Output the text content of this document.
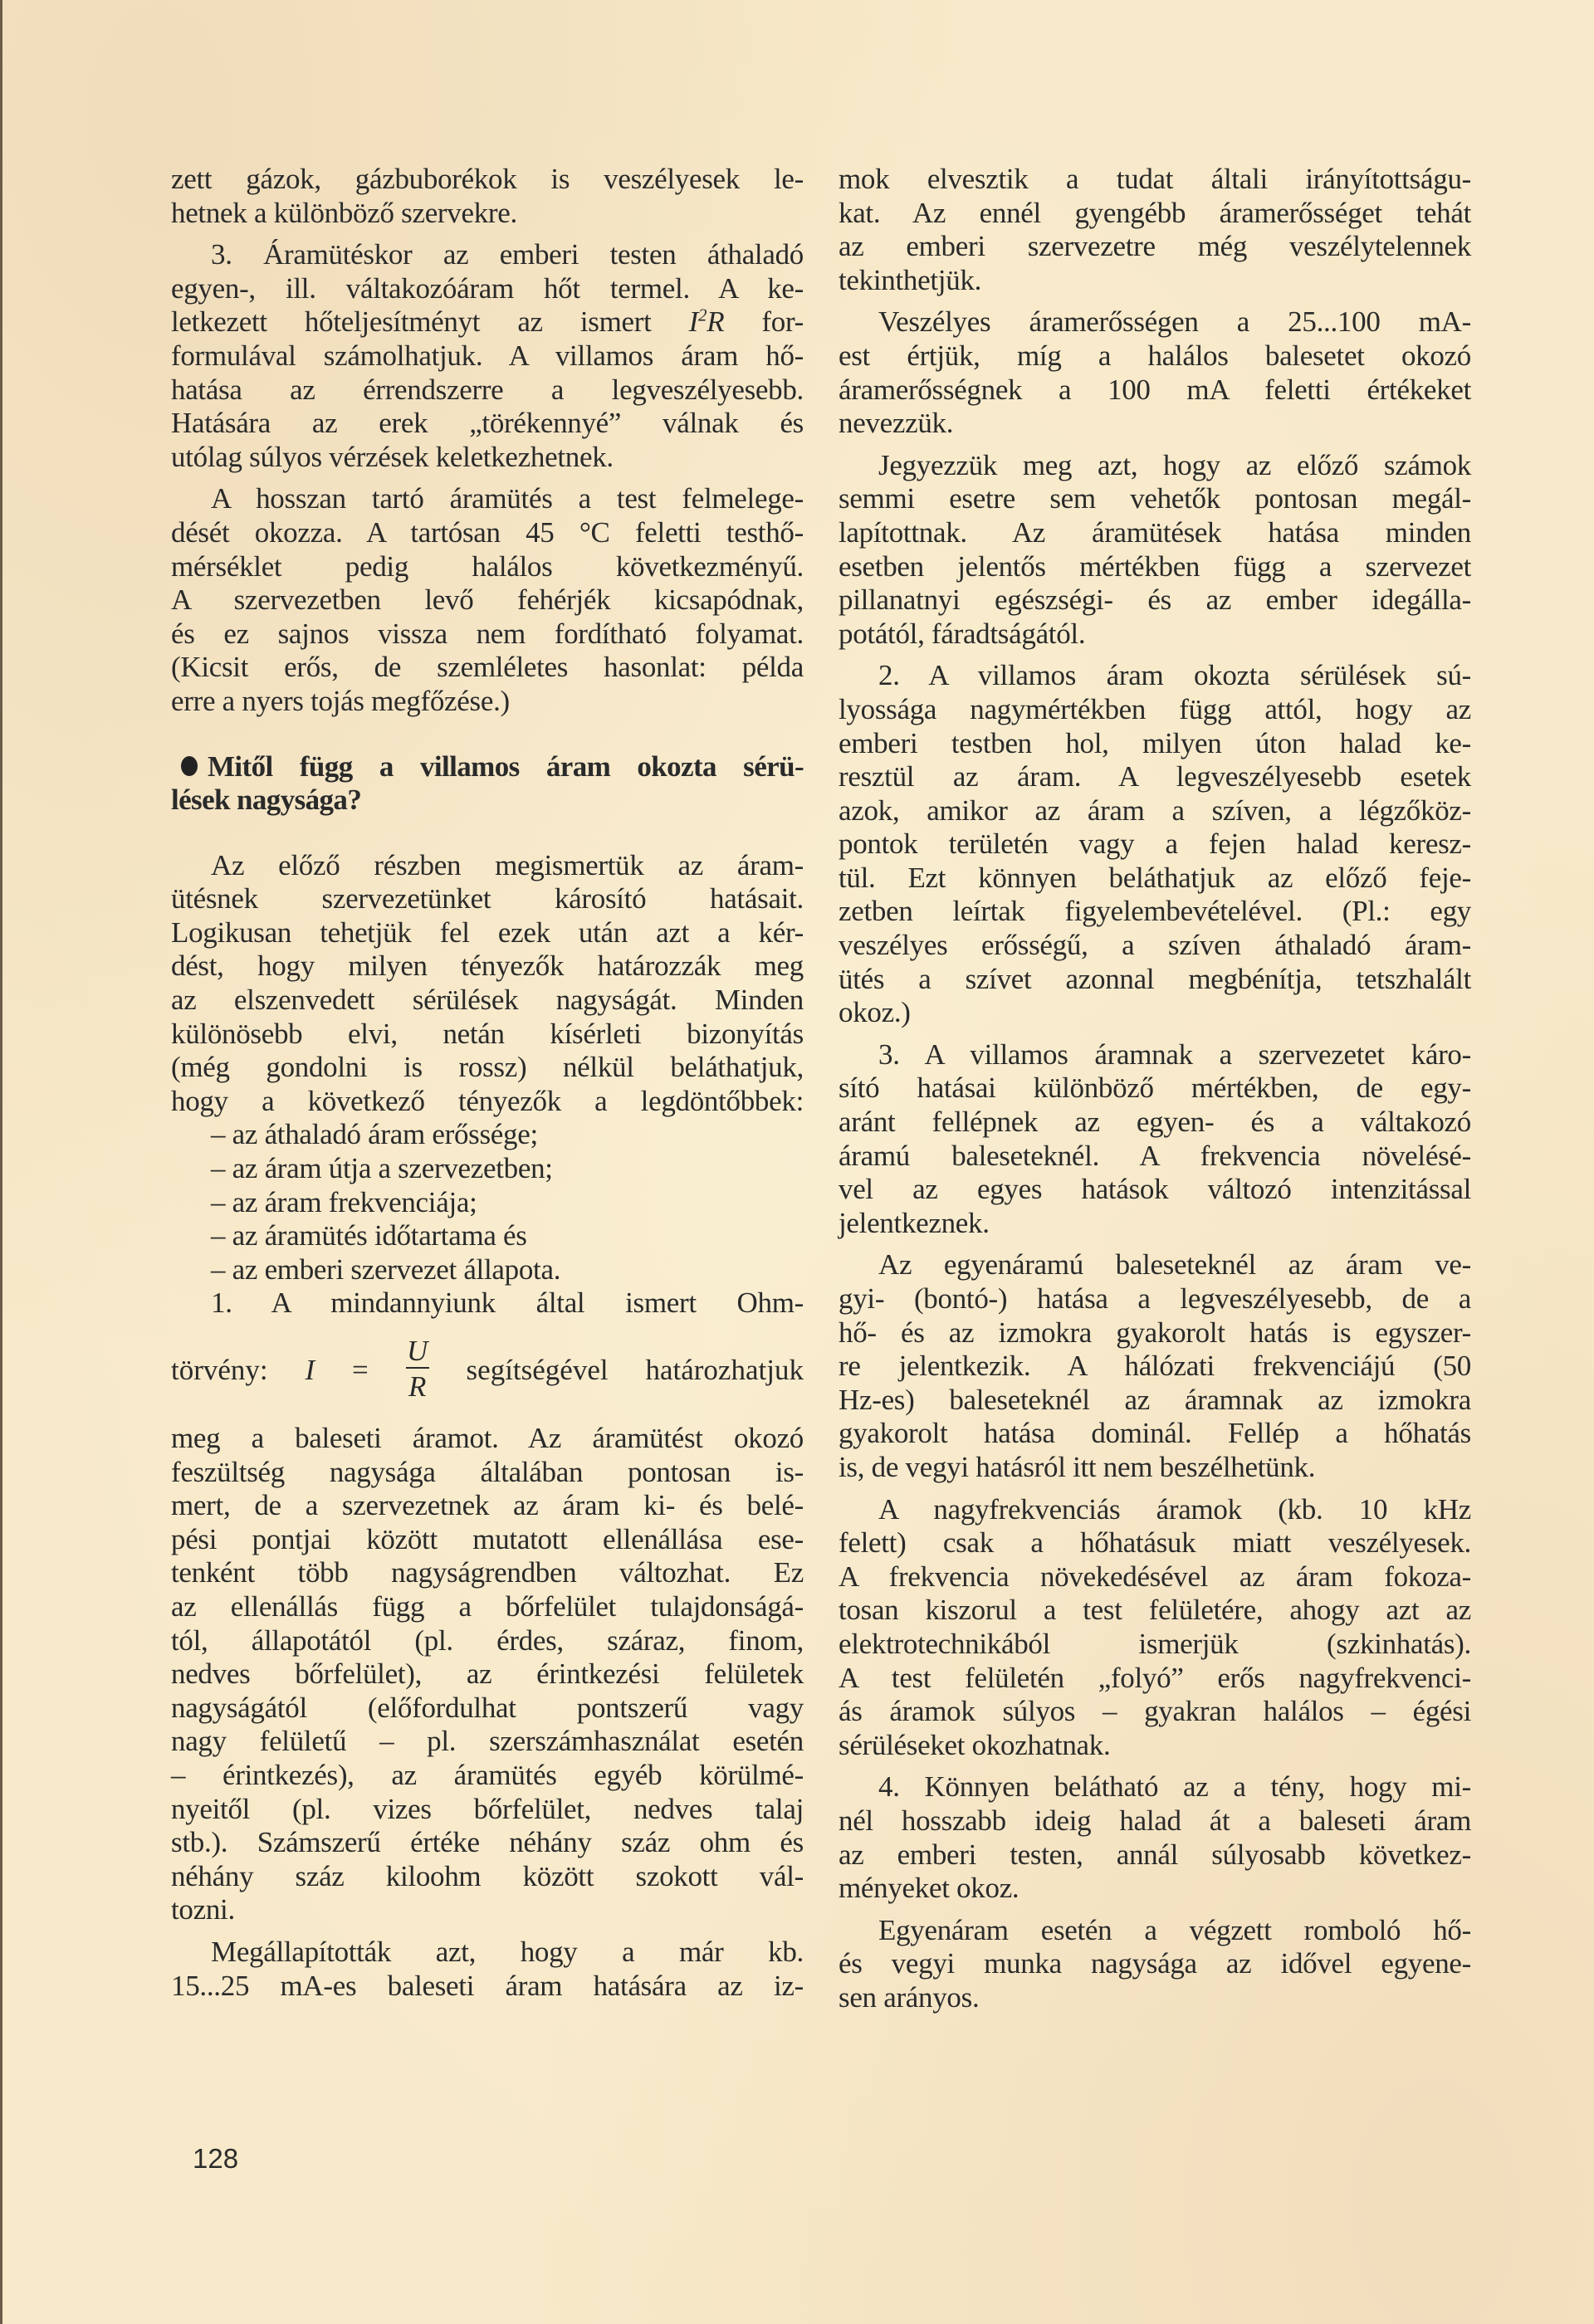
zett gázok, gázbuborékok is veszélyesek le-
hetnek a különböző szervekre.
3. Áramütéskor az emberi testen áthaladó
egyen-, ill. váltakozóáram hőt termel. A ke-
letkezett hőteljesítményt az ismert $I^2R$ for-
formulával számolhatjuk. A villamos áram hő-
hatása az érrendszerre a legveszélyesebb.
Hatására az erek „törékennyé” válnak és
utólag súlyos vérzések keletkezhetnek.
A hosszan tartó áramütés a test felmelege-
dését okozza. A tartósan 45 °C feletti testhő-
mérséklet pedig halálos következményű.
A szervezetben levő fehérjék kicsapódnak,
és ez sajnos vissza nem fordítható folyamat.
(Kicsit erős, de szemléletes hasonlat: példa
erre a nyers tojás megfőzése.)
Mitől függ a villamos áram okozta sérü-
lések nagysága?
Az előző részben megismertük az áram-
ütésnek szervezetünket károsító hatásait.
Logikusan tehetjük fel ezek után azt a kér-
dést, hogy milyen tényezők határozzák meg
az elszenvedett sérülések nagyságát. Minden
különösebb elvi, netán kísérleti bizonyítás
(még gondolni is rossz) nélkül beláthatjuk,
hogy a következő tényezők a legdöntőbbek:
– az áthaladó áram erőssége;
– az áram útja a szervezetben;
– az áram frekvenciája;
– az áramütés időtartama és
– az emberi szervezet állapota.
1. A mindannyiunk által ismert Ohm-
törvény: $I = \frac{U}{R}$ segítségével határozhatjuk
meg a baleseti áramot. Az áramütést okozó
feszültség nagysága általában pontosan is-
mert, de a szervezetnek az áram ki- és belé-
pési pontjai között mutatott ellenállása ese-
tenként több nagyságrendben változhat. Ez
az ellenállás függ a bőrfelület tulajdonságá-
tól, állapotától (pl. érdes, száraz, finom,
nedves bőrfelület), az érintkezési felületek
nagyságától (előfordulhat pontszerű vagy
nagy felületű – pl. szerszámhasználat esetén
– érintkezés), az áramütés egyéb körülmé-
nyeitől (pl. vizes bőrfelület, nedves talaj
stb.). Számszerű értéke néhány száz ohm és
néhány száz kiloohm között szokott vál-
tozni.
Megállapították azt, hogy a már kb.
15...25 mA-es baleseti áram hatására az iz-
mok elvesztik a tudat általi irányítottságu-
kat. Az ennél gyengébb áramerősséget tehát
az emberi szervezetre még veszélytelennek
tekinthetjük.
Veszélyes áramerősségen a 25...100 mA-
est értjük, míg a halálos balesetet okozó
áramerősségnek a 100 mA feletti értékeket
nevezzük.
Jegyezzük meg azt, hogy az előző számok
semmi esetre sem vehetők pontosan megál-
lapítottnak. Az áramütések hatása minden
esetben jelentős mértékben függ a szervezet
pillanatnyi egészségi- és az ember idegálla-
potától, fáradtságától.
2. A villamos áram okozta sérülések sú-
lyossága nagymértékben függ attól, hogy az
emberi testben hol, milyen úton halad ke-
resztül az áram. A legveszélyesebb esetek
azok, amikor az áram a szíven, a légzőköz-
pontok területén vagy a fejen halad keresz-
tül. Ezt könnyen beláthatjuk az előző feje-
zetben leírtak figyelembevételével. (Pl.: egy
veszélyes erősségű, a szíven áthaladó áram-
ütés a szívet azonnal megbénítja, tetszhalált
okoz.)
3. A villamos áramnak a szervezetet káro-
sító hatásai különböző mértékben, de egy-
aránt fellépnek az egyen- és a váltakozó
áramú baleseteknél. A frekvencia növelésé-
vel az egyes hatások változó intenzitással
jelentkeznek.
Az egyenáramú baleseteknél az áram ve-
gyi- (bontó-) hatása a legveszélyesebb, de a
hő- és az izmokra gyakorolt hatás is egyszer-
re jelentkezik. A hálózati frekvenciájú (50
Hz-es) baleseteknél az áramnak az izmokra
gyakorolt hatása dominál. Fellép a hőhatás
is, de vegyi hatásról itt nem beszélhetünk.
A nagyfrekvenciás áramok (kb. 10 kHz
felett) csak a hőhatásuk miatt veszélyesek.
A frekvencia növekedésével az áram fokoza-
tosan kiszorul a test felületére, ahogy azt az
elektrotechnikából ismerjük (szkinhatás).
A test felületén „folyó” erős nagyfrekvenci-
ás áramok súlyos – gyakran halálos – égési
sérüléseket okozhatnak.
4. Könnyen belátható az a tény, hogy mi-
nél hosszabb ideig halad át a baleseti áram
az emberi testen, annál súlyosabb következ-
ményeket okoz.
Egyenáram esetén a végzett romboló hő-
és vegyi munka nagysága az idővel egyene-
sen arányos.
128
